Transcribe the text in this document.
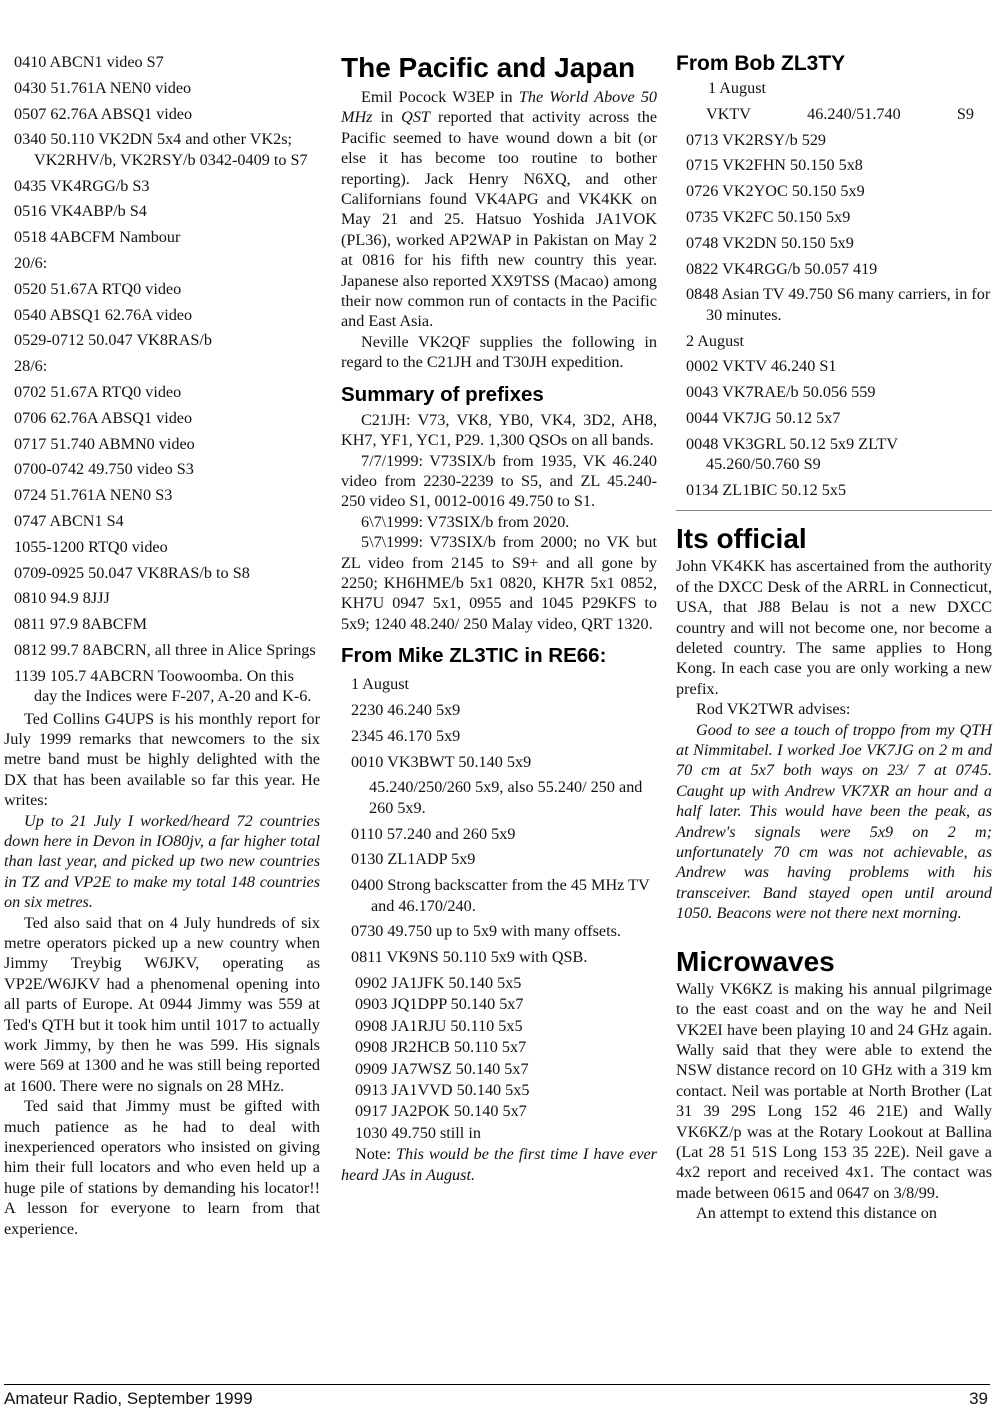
0410 ABCN1 video S7
0430 51.761A NEN0 video
0507 62.76A ABSQ1 video
0340 50.110 VK2DN 5x4 and other VK2s; VK2RHV/b, VK2RSY/b 0342-0409 to S7
0435 VK4RGG/b S3
0516 VK4ABP/b S4
0518 4ABCFM Nambour
20/6:
0520 51.67A RTQ0 video
0540 ABSQ1 62.76A video
0529-0712 50.047 VK8RAS/b
28/6:
0702 51.67A RTQ0 video
0706 62.76A ABSQ1 video
0717 51.740 ABMN0 video
0700-0742 49.750 video S3
0724 51.761A NEN0 S3
0747 ABCN1 S4
1055-1200 RTQ0 video
0709-0925 50.047 VK8RAS/b to S8
0810 94.9 8JJJ
0811 97.9 8ABCFM
0812 99.7 8ABCRN, all three in Alice Springs
1139 105.7 4ABCRN Toowoomba. On this day the Indices were F-207, A-20 and K-6.

Ted Collins G4UPS is his monthly report for July 1999 remarks that newcomers to the six metre band must be highly delighted with the DX that has been available so far this year. He writes:

Up to 21 July I worked/heard 72 countries down here in Devon in IO80jv, a far higher total than last year, and picked up two new countries in TZ and VP2E to make my total 148 countries on six metres.

Ted also said that on 4 July hundreds of six metre operators picked up a new country when Jimmy Treybig W6JKV, operating as VP2E/W6JKV had a phenomenal opening into all parts of Europe. At 0944 Jimmy was 559 at Ted's QTH but it took him until 1017 to actually work Jimmy, by then he was 599. His signals were 569 at 1300 and he was still being reported at 1600. There were no signals on 28 MHz.

Ted said that Jimmy must be gifted with much patience as he had to deal with inexperienced operators who insisted on giving him their full locators and who even held up a huge pile of stations by demanding his locator!! A lesson for everyone to learn from that experience.

The Pacific and Japan

Emil Pocock W3EP in The World Above 50 MHz in QST reported that activity across the Pacific seemed to have wound down a bit (or else it has become too routine to bother reporting). Jack Henry N6XQ, and other Californians found VK4APG and VK4KK on May 21 and 25. Hatsuo Yoshida JA1VOK (PL36), worked AP2WAP in Pakistan on May 2 at 0816 for his fifth new country this year. Japanese also reported XX9TSS (Macao) among their now common run of contacts in the Pacific and East Asia.

Neville VK2QF supplies the following in regard to the C21JH and T30JH expedition.

Summary of prefixes

C21JH: V73, VK8, YB0, VK4, 3D2, AH8, KH7, YF1, YC1, P29. 1,300 QSOs on all bands.

7/7/1999: V73SIX/b from 1935, VK 46.240 video from 2230-2239 to S5, and ZL 45.240-250 video S1, 0012-0016 49.750 to S1.

6\7\1999: V73SIX/b from 2020.

5\7\1999: V73SIX/b from 2000; no VK but ZL video from 2145 to S9+ and all gone by 2250; KH6HME/b 5x1 0820, KH7R 5x1 0852, KH7U 0947 5x1, 0955 and 1045 P29KFS to 5x9; 1240 48.240/ 250 Malay video, QRT 1320.

From Mike ZL3TIC in RE66:
1 August
2230 46.240 5x9
2345 46.170 5x9
0010 VK3BWT 50.140 5x9
45.240/250/260 5x9, also 55.240/ 250 and 260 5x9.
0110 57.240 and 260 5x9
0130 ZL1ADP 5x9
0400 Strong backscatter from the 45 MHz TV and 46.170/240.
0730 49.750 up to 5x9 with many offsets.
0811 VK9NS 50.110 5x9 with QSB.
0902 JA1JFK 50.140 5x5
0903 JQ1DPP 50.140 5x7
0908 JA1RJU 50.110 5x5
0908 JR2HCB 50.110 5x7
0909 JA7WSZ 50.140 5x7
0913 JA1VVD 50.140 5x5
0917 JA2POK 50.140 5x7
1030 49.750 still in

Note: This would be the first time I have ever heard JAs in August.

From Bob ZL3TY
1 August
VKTV	46.240/51.740	S9
0713 VK2RSY/b 529
0715 VK2FHN 50.150 5x8
0726 VK2YOC 50.150 5x9
0735 VK2FC 50.150 5x9
0748 VK2DN 50.150 5x9
0822 VK4RGG/b 50.057 419
0848 Asian TV 49.750 S6 many carriers, in for 30 minutes.
2 August
0002 VKTV 46.240 S1
0043 VK7RAE/b 50.056 559
0044 VK7JG 50.12 5x7
0048 VK3GRL 50.12 5x9 ZLTV 45.260/50.760 S9
0134 ZL1BIC 50.12 5x5
Its official

John VK4KK has ascertained from the authority of the DXCC Desk of the ARRL in Connecticut, USA, that J88 Belau is not a new DXCC country and will not become one, nor become a deleted country. The same applies to Hong Kong. In each case you are only working a new prefix.

Rod VK2TWR advises:

Good to see a touch of troppo from my QTH at Nimmitabel. I worked Joe VK7JG on 2 m and 70 cm at 5x7 both ways on 23/ 7 at 0745. Caught up with Andrew VK7XR an hour and a half later. This would have been the peak, as Andrew's signals were 5x9 on 2 m; unfortunately 70 cm was not achievable, as Andrew was having problems with his transceiver. Band stayed open until around 1050. Beacons were not there next morning.

Microwaves

Wally VK6KZ is making his annual pilgrimage to the east coast and on the way he and Neil VK2EI have been playing 10 and 24 GHz again. Wally said that they were able to extend the NSW distance record on 10 GHz with a 319 km contact. Neil was portable at North Brother (Lat 31 39 29S Long 152 46 21E) and Wally VK6KZ/p was at the Rotary Lookout at Ballina (Lat 28 51 51S Long 153 35 22E). Neil gave a 4x2 report and received 4x1. The contact was made between 0615 and 0647 on 3/8/99.

An attempt to extend this distance on

Amateur Radio, September 1999	39
